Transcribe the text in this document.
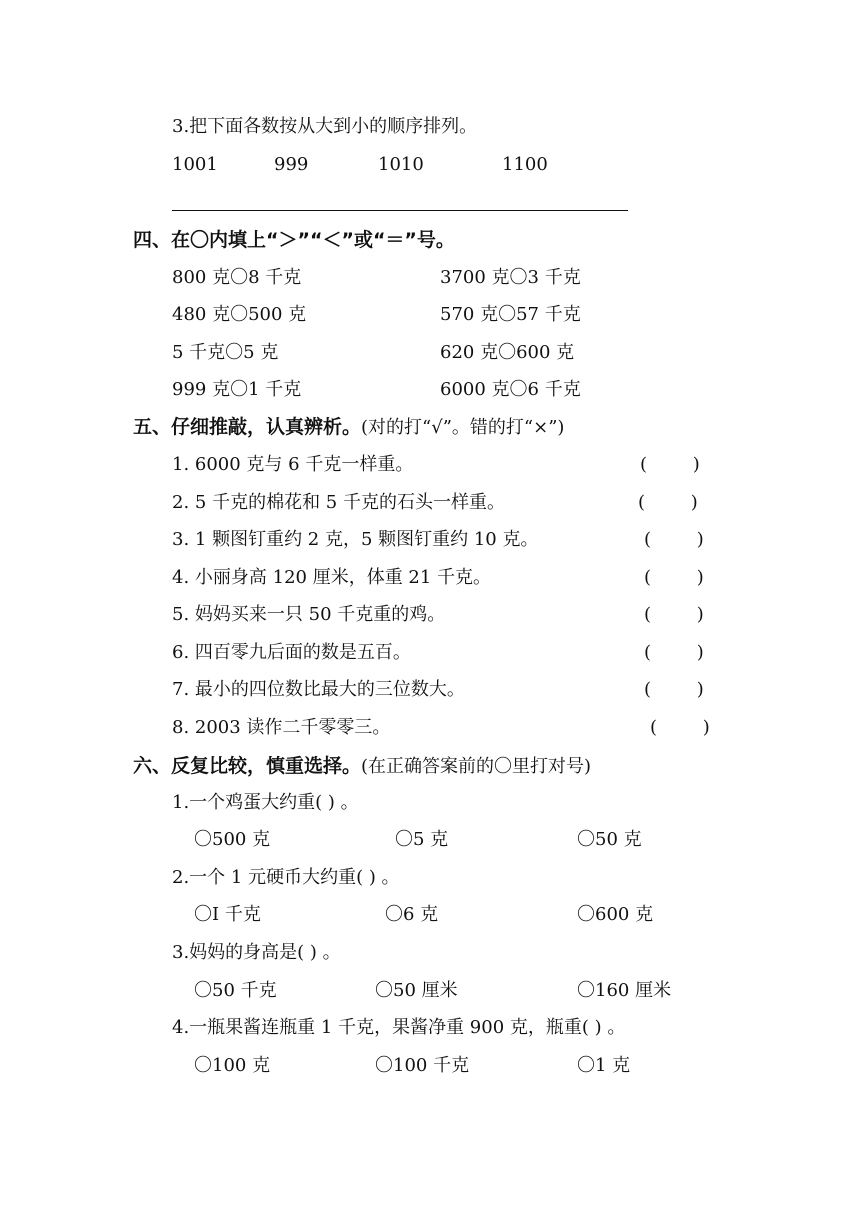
3.把下面各数按从大到小的顺序排列。
1001	999	1010	1100
四、在〇内填上“＞”“＜”或“＝”号。
800 克〇8 千克	3700 克〇3 千克
480 克〇500 克	570 克〇57 千克
5 千克〇5 克	620 克〇600 克
999 克〇1 千克	6000 克〇6 千克
五、仔细推敲，认真辨析。(对的打“√”。错的打“×”)
1. 6000 克与 6 千克一样重。	(        )
2. 5 千克的棉花和 5 千克的石头一样重。	(        )
3. 1 颗图钉重约 2 克，5 颗图钉重约 10 克。	(        )
4. 小丽身高 120 厘米，体重 21 千克。	(        )
5. 妈妈买来一只 50 千克重的鸡。	(        )
6. 四百零九后面的数是五百。	(        )
7. 最小的四位数比最大的三位数大。	(        )
8. 2003 读作二千零零三。	(        )
六、反复比较，慎重选择。(在正确答案前的〇里打对号)
1.一个鸡蛋大约重( ) 。
〇500 克	〇5 克	〇50 克
2.一个 1 元硬币大约重( ) 。
〇I 千克	〇6 克	〇600 克
3.妈妈的身高是( ) 。
〇50 千克	〇50 厘米	〇160 厘米
4.一瓶果酱连瓶重 1 千克，果酱净重 900 克，瓶重( ) 。
〇100 克	〇100 千克	〇1 克
